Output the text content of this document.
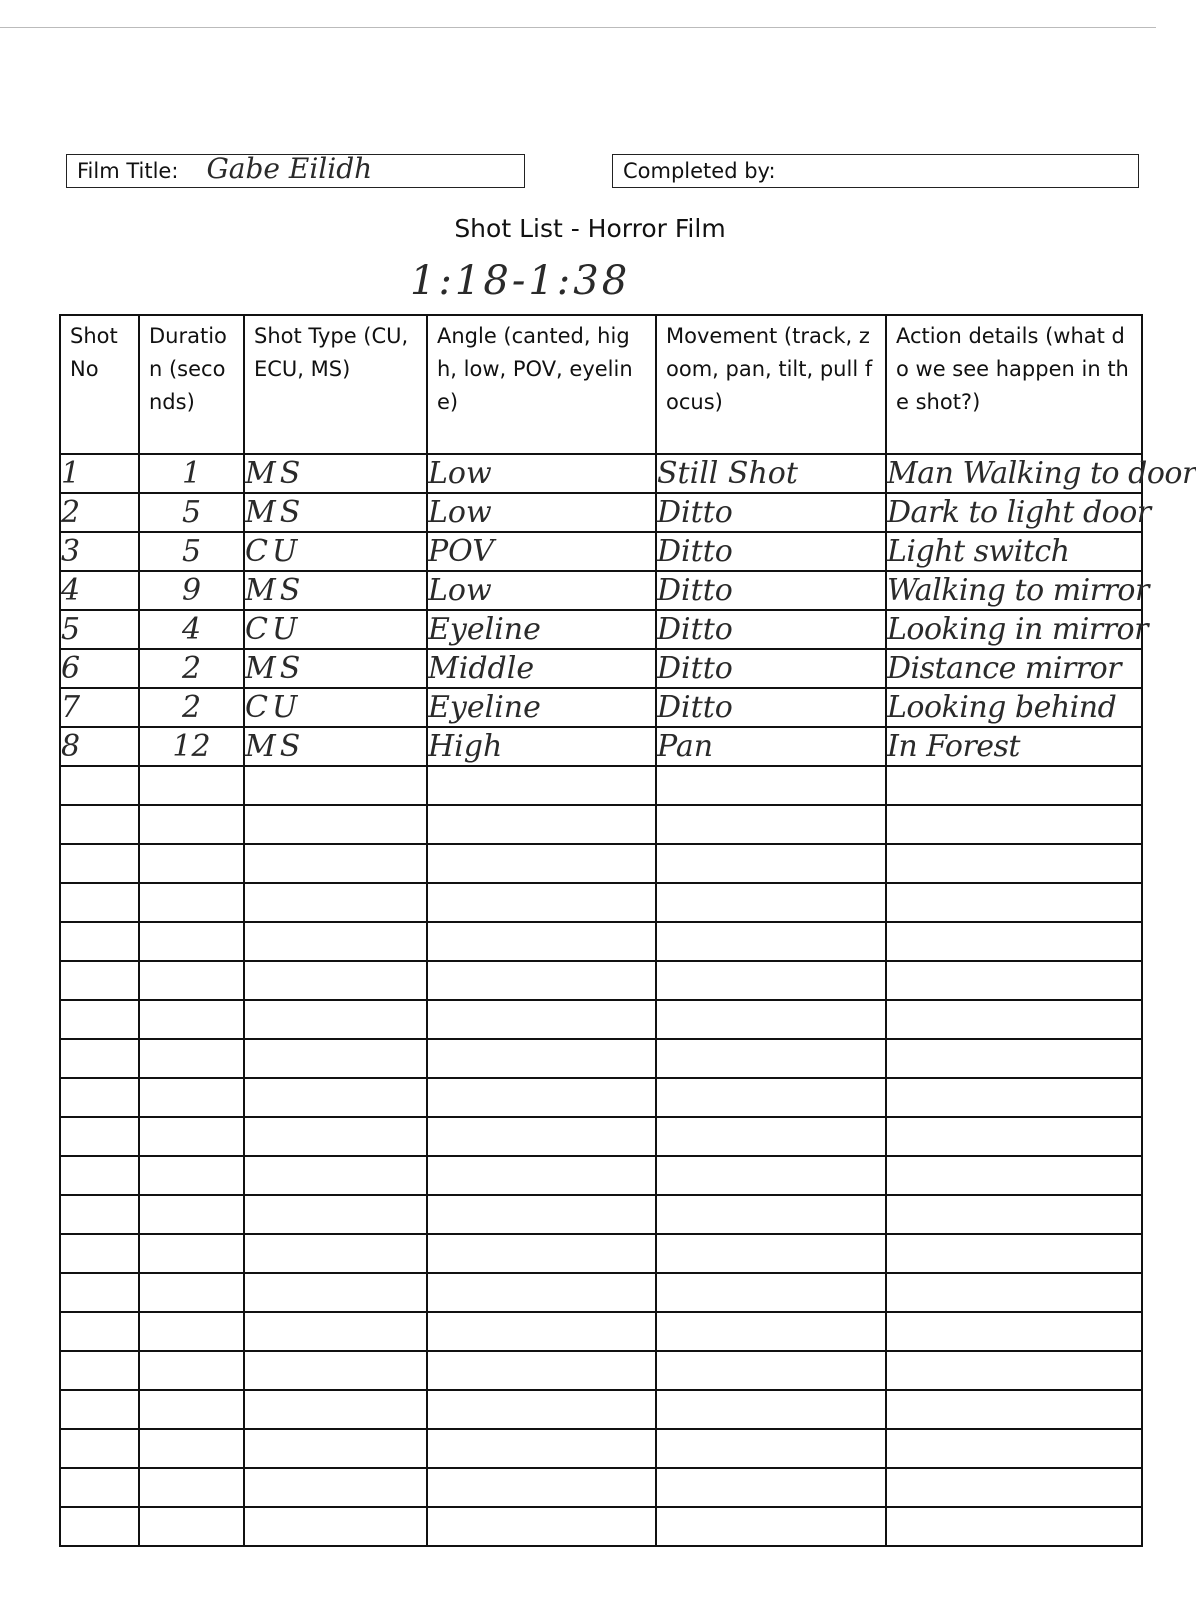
Film Title: Gabe Eilidh	Completed by:
Shot List - Horror Film
1:18-1:38
Shot No	Duration (seconds)	Shot Type (CU, ECU, MS)	Angle (canted, high, low, POV, eyeline)	Movement (track, zoom, pan, tilt, pull focus)	Action details (what do we see happen in the shot?)
1	1	MS	Low	Still Shot	Man Walking to door
2	5	MS	Low	Ditto	Dark to light door
3	5	CU	POV	Ditto	Light switch
4	9	MS	Low	Ditto	Walking to mirror
5	4	CU	Eyeline	Ditto	Looking in mirror
6	2	MS	Middle	Ditto	Distance mirror
7	2	CU	Eyeline	Ditto	Looking behind
8	12	MS	High	Pan	In Forest
